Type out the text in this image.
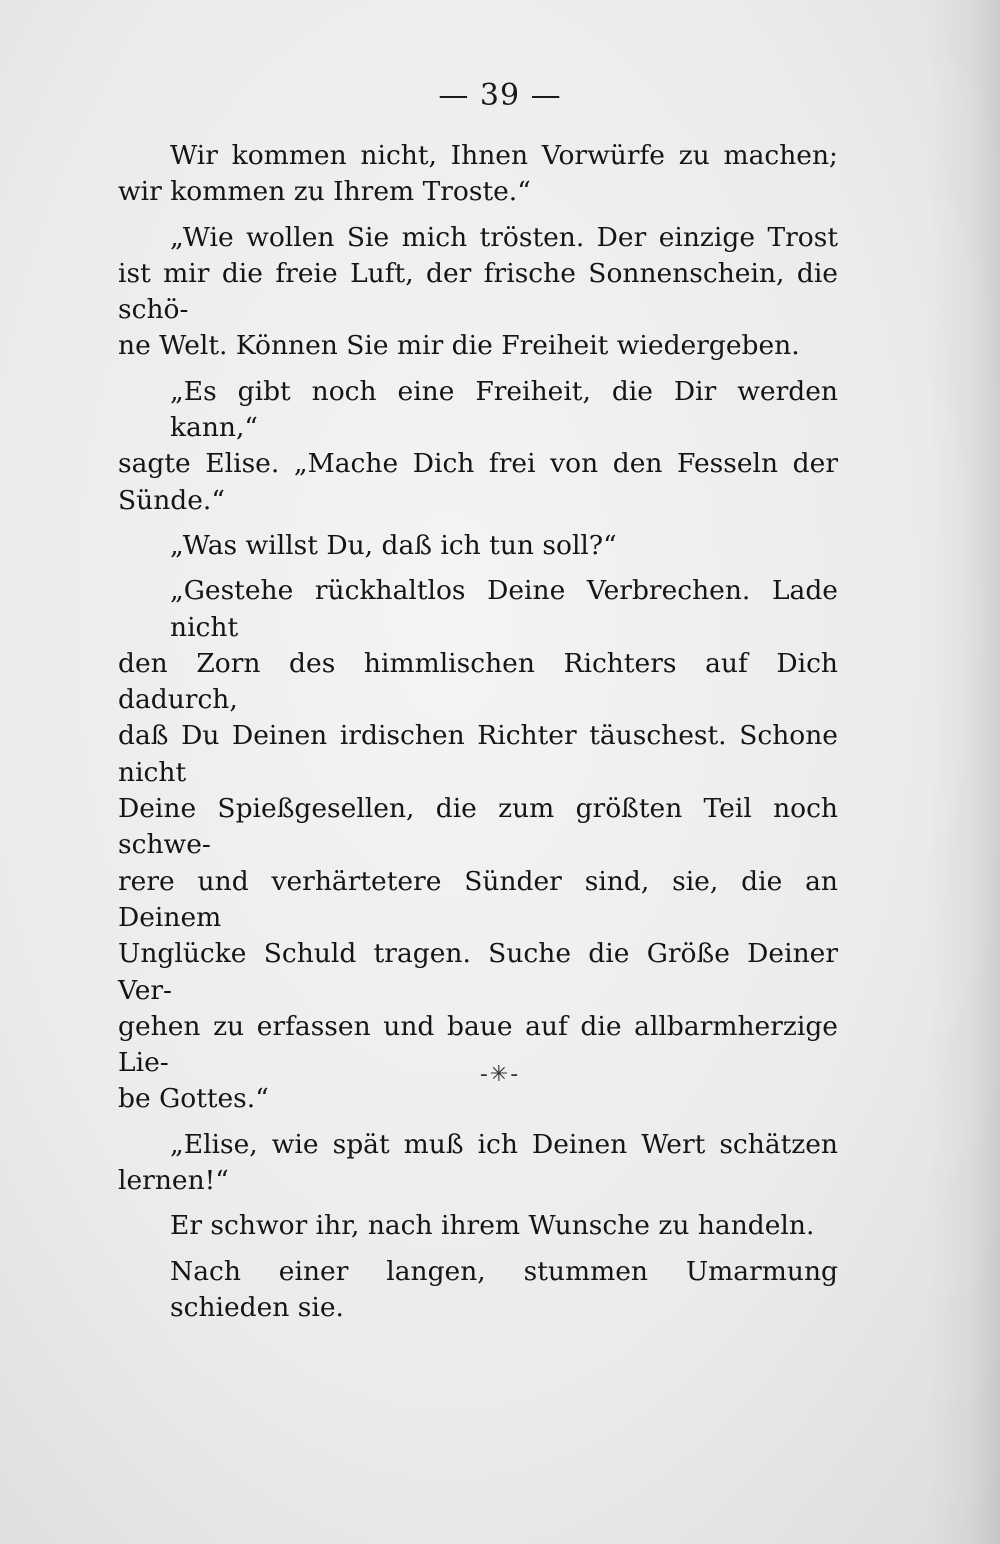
— 39 —

Wir kommen nicht, Ihnen Vorwürfe zu machen;
wir kommen zu Ihrem Troste.“

„Wie wollen Sie mich trösten. Der einzige Trost
ist mir die freie Luft, der frische Sonnenschein, die schö-
ne Welt. Können Sie mir die Freiheit wiedergeben.

„Es gibt noch eine Freiheit, die Dir werden kann,“
sagte Elise. „Mache Dich frei von den Fesseln der
Sünde.“

„Was willst Du, daß ich tun soll?“

„Gestehe rückhaltlos Deine Verbrechen. Lade nicht
den Zorn des himmlischen Richters auf Dich dadurch,
daß Du Deinen irdischen Richter täuschest. Schone nicht
Deine Spießgesellen, die zum größten Teil noch schwe-
rere und verhärtetere Sünder sind, sie, die an Deinem
Unglücke Schuld tragen. Suche die Größe Deiner Ver-
gehen zu erfassen und baue auf die allbarmherzige Lie-
be Gottes.“

„Elise, wie spät muß ich Deinen Wert schätzen
lernen!“

Er schwor ihr, nach ihrem Wunsche zu handeln.

Nach einer langen, stummen Umarmung schieden sie.

-✳-
